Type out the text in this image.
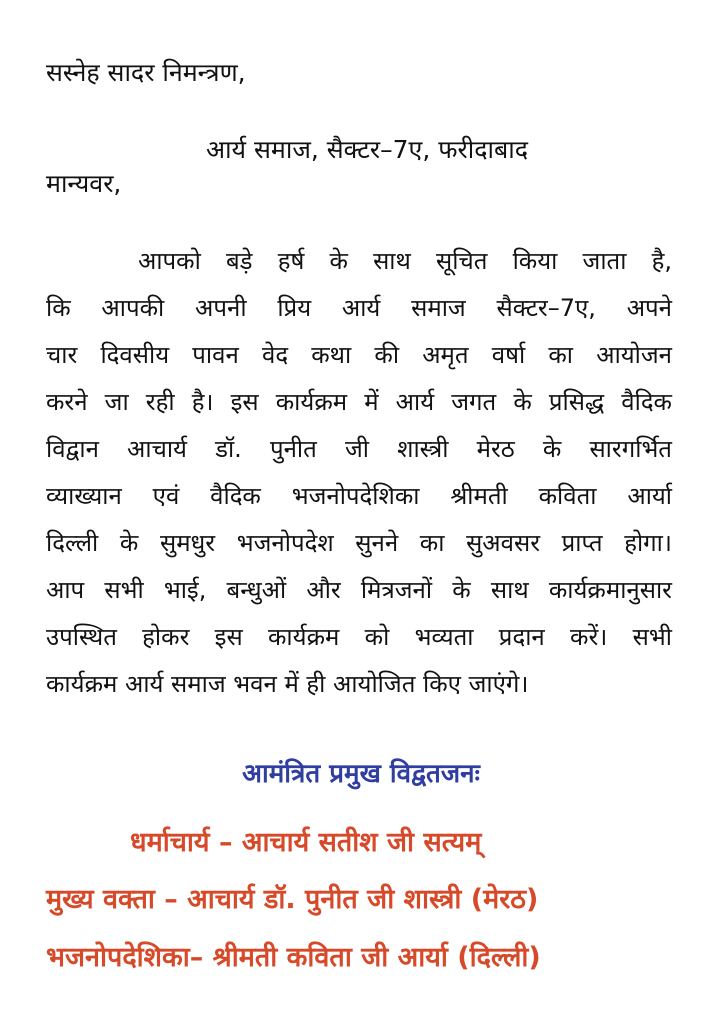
सस्नेह सादर निमन्त्रण,
आर्य समाज, सैक्टर–7ए, फरीदाबाद
मान्यवर,
आपको बड़े हर्ष के साथ सूचित किया जाता है,
कि आपकी अपनी प्रिय आर्य समाज सैक्टर–7ए, अपने
चार दिवसीय पावन वेद कथा की अमृत वर्षा का आयोजन
करने जा रही है। इस कार्यक्रम में आर्य जगत के प्रसिद्ध वैदिक
विद्वान आचार्य डॉ. पुनीत जी शास्त्री मेरठ के सारगर्भित
व्याख्यान एवं वैदिक भजनोपदेशिका श्रीमती कविता आर्या
दिल्ली के सुमधुर भजनोपदेश सुनने का सुअवसर प्राप्त होगा।
आप सभी भाई, बन्धुओं और मित्रजनों के साथ कार्यक्रमानुसार
उपस्थित होकर इस कार्यक्रम को भव्यता प्रदान करें। सभी
कार्यक्रम आर्य समाज भवन में ही आयोजित किए जाएंगे।
आमंत्रित प्रमुख विद्वतजनः
धर्माचार्य – आचार्य सतीश जी सत्यम्
मुख्य वक्ता – आचार्य डॉ. पुनीत जी शास्त्री (मेरठ)
भजनोपदेशिका– श्रीमती कविता जी आर्या (दिल्ली)
